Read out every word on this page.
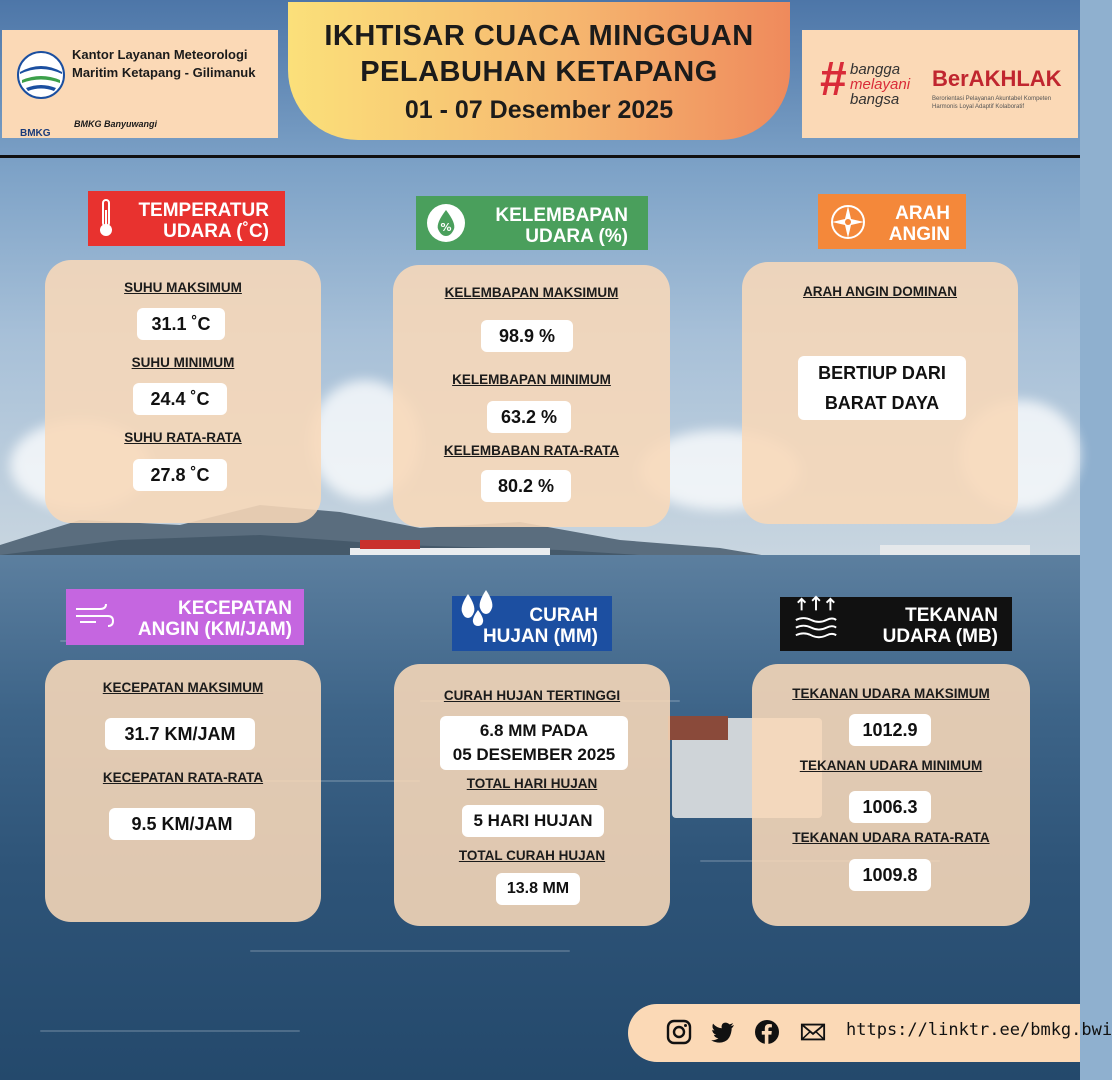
BMKG
Kantor Layanan Meteorologi Maritim Ketapang - Gilimanuk
BMKG Banyuwangi
IKHTISAR CUACA MINGGUAN
PELABUHAN KETAPANG
01 - 07 Desember 2025
# bangga
melayani
bangsa
BerAKHLAK
Berorientasi Pelayanan Akuntabel Kompeten Harmonis Loyal Adaptif Kolaboratif
TEMPERATUR
UDARA (˚C)	%
KELEMBAPAN
UDARA (%)
ARAH
ANGIN
KECEPATAN
ANGIN (KM/JAM)
CURAH
HUJAN (MM)
TEKANAN
UDARA (MB)
SUHU MAKSIMUM
31.1 ˚C
SUHU MINIMUM
24.4 ˚C
SUHU RATA-RATA
27.8 ˚C
KELEMBAPAN MAKSIMUM
98.9 %
KELEMBAPAN MINIMUM
63.2 %
KELEMBABAN RATA-RATA
80.2 %
ARAH ANGIN DOMINAN
BERTIUP DARI
BARAT DAYA
KECEPATAN MAKSIMUM
31.7 KM/JAM
KECEPATAN RATA-RATA
9.5 KM/JAM
CURAH HUJAN TERTINGGI
6.8 MM PADA
05 DESEMBER 2025
TOTAL HARI HUJAN
5 HARI HUJAN
TOTAL CURAH HUJAN
13.8 MM
TEKANAN UDARA MAKSIMUM
1012.9
TEKANAN UDARA MINIMUM
1006.3
TEKANAN UDARA RATA-RATA
1009.8
https://linktr.ee/bmkg.bwi
